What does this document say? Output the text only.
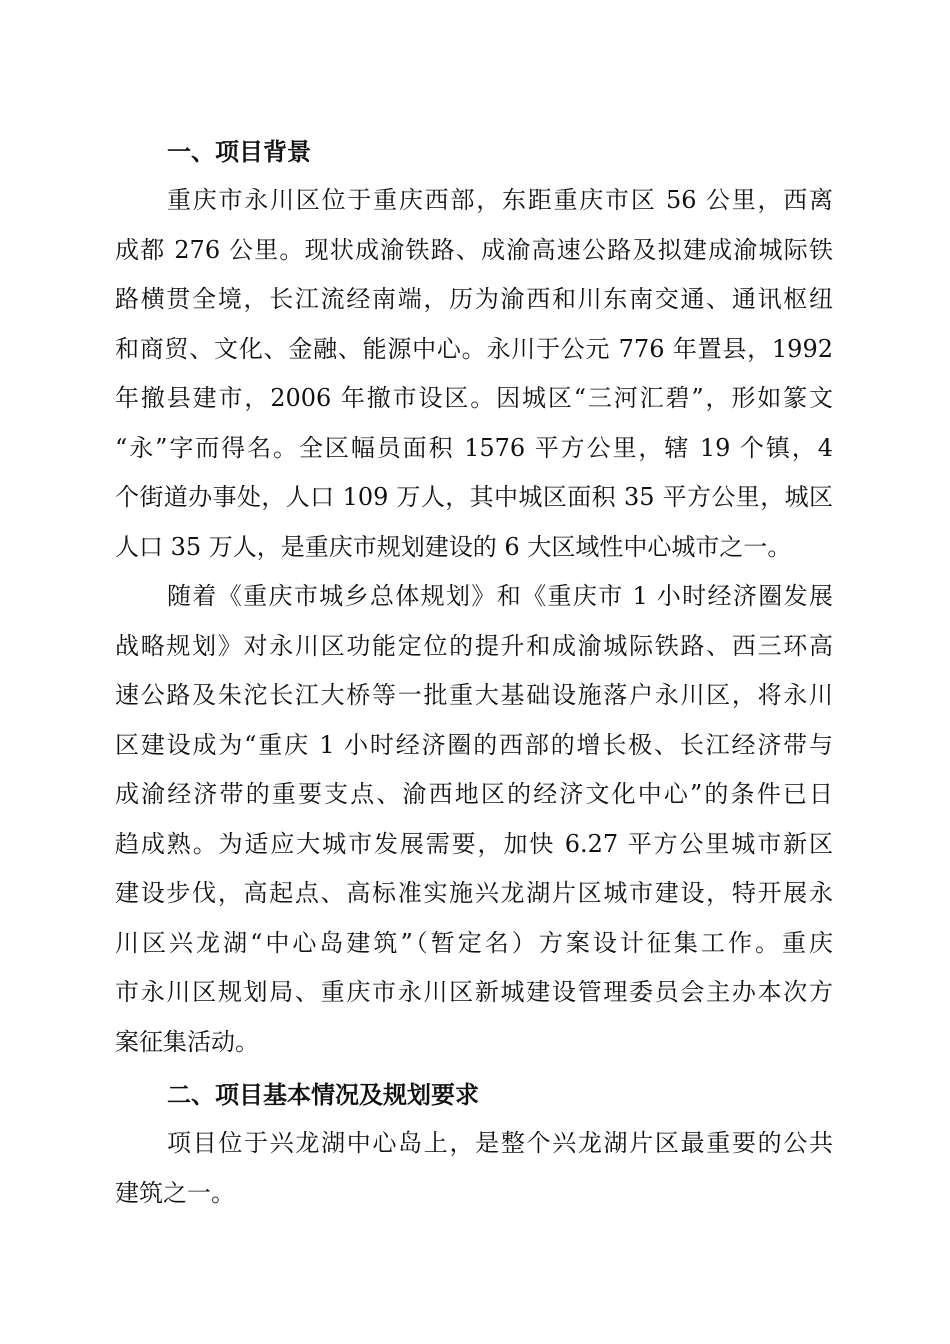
一、项目背景
重庆市永川区位于重庆西部，东距重庆市区 56 公里，西离
成都 276 公里。现状成渝铁路、成渝高速公路及拟建成渝城际铁
路横贯全境，长江流经南端，历为渝西和川东南交通、通讯枢纽
和商贸、文化、金融、能源中心。永川于公元 776 年置县，1992
年撤县建市，2006 年撤市设区。因城区“三河汇碧”，形如篆文
“永”字而得名。全区幅员面积 1576 平方公里，辖 19 个镇，4
个街道办事处，人口 109 万人，其中城区面积 35 平方公里，城区
人口 35 万人，是重庆市规划建设的 6 大区域性中心城市之一。
随着《重庆市城乡总体规划》和《重庆市 1 小时经济圈发展
战略规划》对永川区功能定位的提升和成渝城际铁路、西三环高
速公路及朱沱长江大桥等一批重大基础设施落户永川区，将永川
区建设成为“重庆 1 小时经济圈的西部的增长极、长江经济带与
成渝经济带的重要支点、渝西地区的经济文化中心”的条件已日
趋成熟。为适应大城市发展需要，加快 6.27 平方公里城市新区
建设步伐，高起点、高标准实施兴龙湖片区城市建设，特开展永
川区兴龙湖“中心岛建筑”（暂定名）方案设计征集工作。重庆
市永川区规划局、重庆市永川区新城建设管理委员会主办本次方
案征集活动。
二、项目基本情况及规划要求
项目位于兴龙湖中心岛上，是整个兴龙湖片区最重要的公共
建筑之一。
